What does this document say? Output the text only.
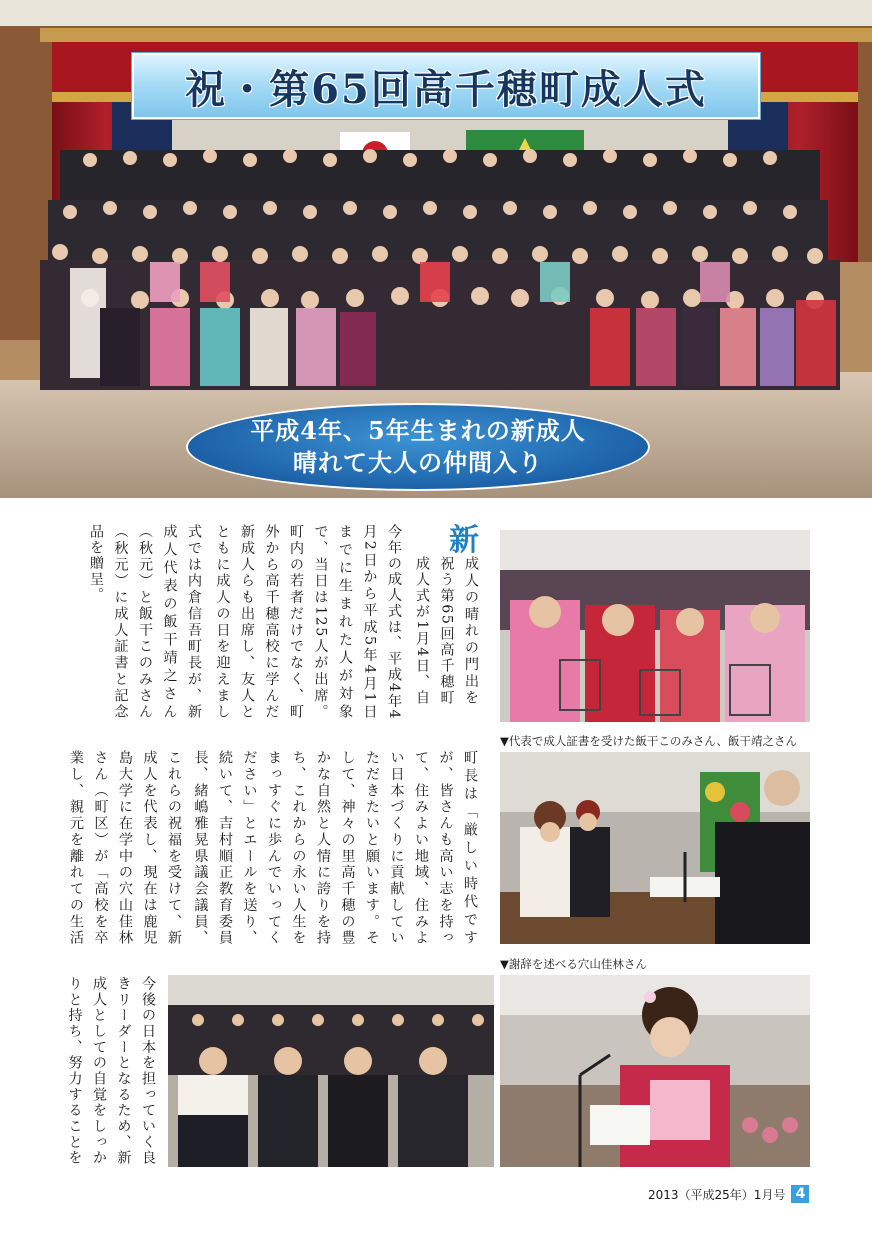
祝・第65回高千穂町成人式
平成4年、5年生まれの新成人
晴れて大人の仲間入り
新
成人の晴れの門出を祝う第65回高千穂町成人式が1月4日、自
今年の成人式は、平成4年4月2日から平成5年4月1日までに生まれた人が対象で、当日は125人が出席。町内の若者だけでなく、町外から高千穂高校に学んだ新成人らも出席し、友人とともに成人の日を迎えまし
式では内倉信吾町長が、新成人代表の飯干靖之さん（秋元）と飯干このみさん（秋元）に成人証書と記念品を贈呈。
町長は「厳しい時代ですが、皆さんも高い志を持って、住みよい地域、住みよい日本づくりに貢献していただきたいと願います。そして、神々の里高千穂の豊かな自然と人情に誇りを持ち、これからの永い人生をまっすぐに歩んでいってください」とエールを送り、続いて、吉村順正教育委員長、緒嶋雅晃県議会議員、
これらの祝福を受けて、新成人を代表し、現在は鹿児島大学に在学中の穴山佳林さん（町区）が「高校を卒業し、親元を離れての生活
今後の日本を担っていく良きリーダーとなるため、新成人としての自覚をしっかりと持ち、努力することを
▼代表で成人証書を受けた飯干このみさん、飯干靖之さん
▼謝辞を述べる穴山佳林さん
2013（平成25年）1月号 4
